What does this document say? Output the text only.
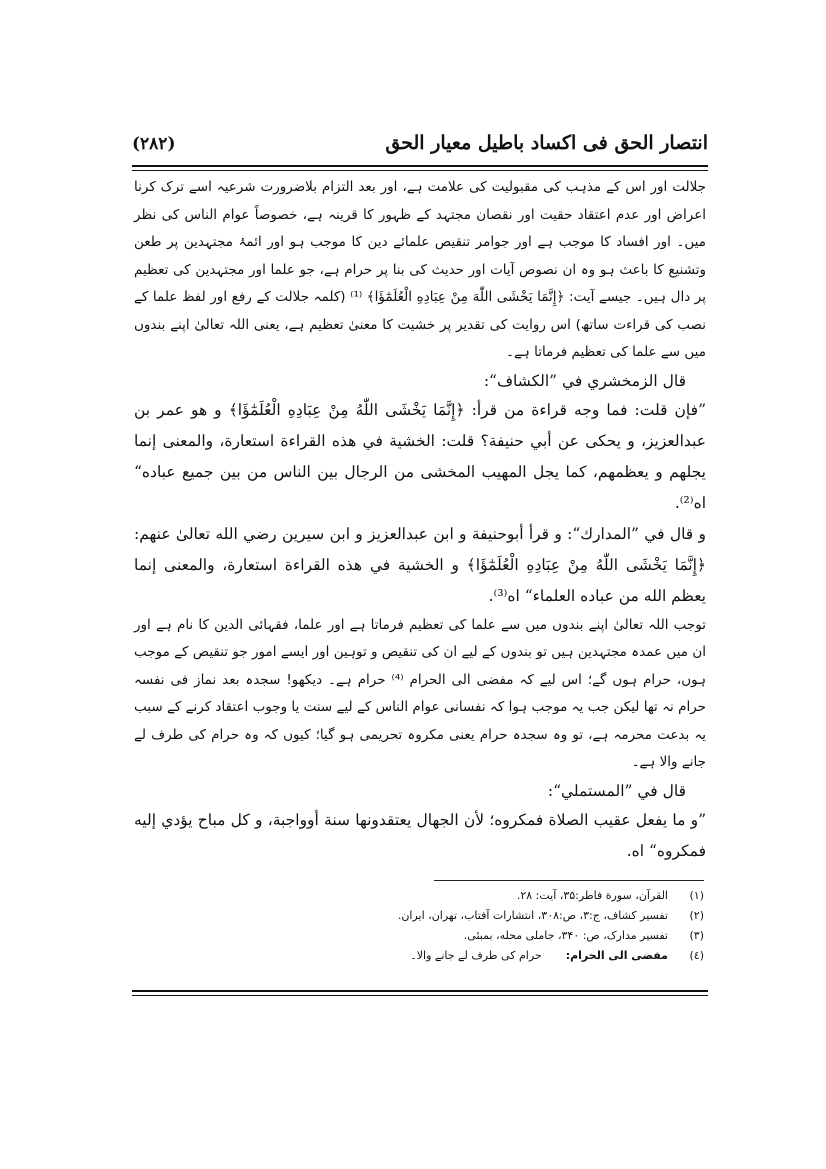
انتصار الحق فی اکساد باطیل معیار الحق
(۲۸۲)

جلالت اور اس کے مذہب کی مقبولیت کی علامت ہے، اور بعد التزام بلاضرورت شرعیہ اسے ترک کرنا اعراض اور عدم اعتقاد حقیت اور نقصان مجتہد کے ظہور کا قرینہ ہے، خصوصاً عوام الناس کی نظر میں۔ اور افساد کا موجب ہے اور جوامر تنقیص علمائے دین کا موجب ہو اور ائمۂ مجتہدین پر طعن وتشنیع کا باعث ہو وہ ان نصوص آیات اور حدیث کی بنا پر حرام ہے، جو علما اور مجتہدین کی تعظیم پر دال ہیں۔ جیسے آیت: ﴿إِنَّمَا يَخْشَى اللّٰهَ مِنْ عِبَادِهِ الْعُلَمٰٓؤَا﴾ ⁽¹⁾ (کلمہ جلالت کے رفع اور لفظ علما کے نصب کی قراءت ساتھ) اس روایت کی تقدیر پر خشیت کا معنیٰ تعظیم ہے، یعنی اللہ تعالیٰ اپنے بندوں میں سے علما کی تعظیم فرماتا ہے۔

قال الزمخشري في ”الكشاف“:

”فإن قلت: فما وجه قراءة من قرأ: ﴿إِنَّمَا يَخْشَى اللّٰهُ مِنْ عِبَادِهِ الْعُلَمٰٓؤَا﴾ و هو عمر بن عبدالعزيز، و يحكى عن أبي حنيفة؟ قلت: الخشية في هذه القراءة استعارة، والمعنى إنما يجلهم و يعظمهم، كما يجل المهيب المخشى من الرجال بين الناس من بين جميع عباده“ اه⁽²⁾.

و قال في ”المدارك“: و قرأ أبوحنيفة و ابن عبدالعزيز و ابن سيرين رضي الله تعالىٰ عنهم: ﴿إِنَّمَا يَخْشَى اللّٰهُ مِنْ عِبَادِهِ الْعُلَمٰٓؤَا﴾ و الخشية في هذه القراءة استعارة، والمعنى إنما يعظم الله من عباده العلماء“ اه⁽³⁾.

توجب اللہ تعالیٰ اپنے بندوں میں سے علما کی تعظیم فرماتا ہے اور علما، فقہائی الدین کا نام ہے اور ان میں عمدہ مجتہدین ہیں تو بندوں کے لیے ان کی تنقیص و توہین اور ایسے امور جو تنقیص کے موجب ہوں، حرام ہوں گے؛ اس لیے کہ مفضی الی الحرام ⁽⁴⁾ حرام ہے۔ دیکھو! سجدہ بعد نماز فی نفسہ حرام نہ تھا لیکن جب یہ موجب ہوا کہ نفسانی عوام الناس کے لیے سنت یا وجوب اعتقاد کرنے کے سبب یہ بدعت محرمہ ہے، تو وہ سجدہ حرام یعنی مکروہ تحریمی ہو گیا؛ کیوں کہ وہ حرام کی طرف لے جانے والا ہے۔

قال في ”المستملي“:

”و ما يفعل عقيب الصلاة فمكروه؛ لأن الجهال يعتقدونها سنة أوواجبة، و كل مباح يؤدي إليه فمكروه“ اه.

(۱)
القرآن، سورة فاطر:۳۵، آیت: ۲۸.
(۲)
تفسیر کشاف، ج:۳، ص:۳۰۸، انتشارات آفتاب، تهران، ایران.
(۳)
تفسیر مدارک، ص: ۳۴۰، جاملی محله، بمبئی.
(٤)
مفضی الی الحرام:
حرام کی طرف لے جانے والا۔
